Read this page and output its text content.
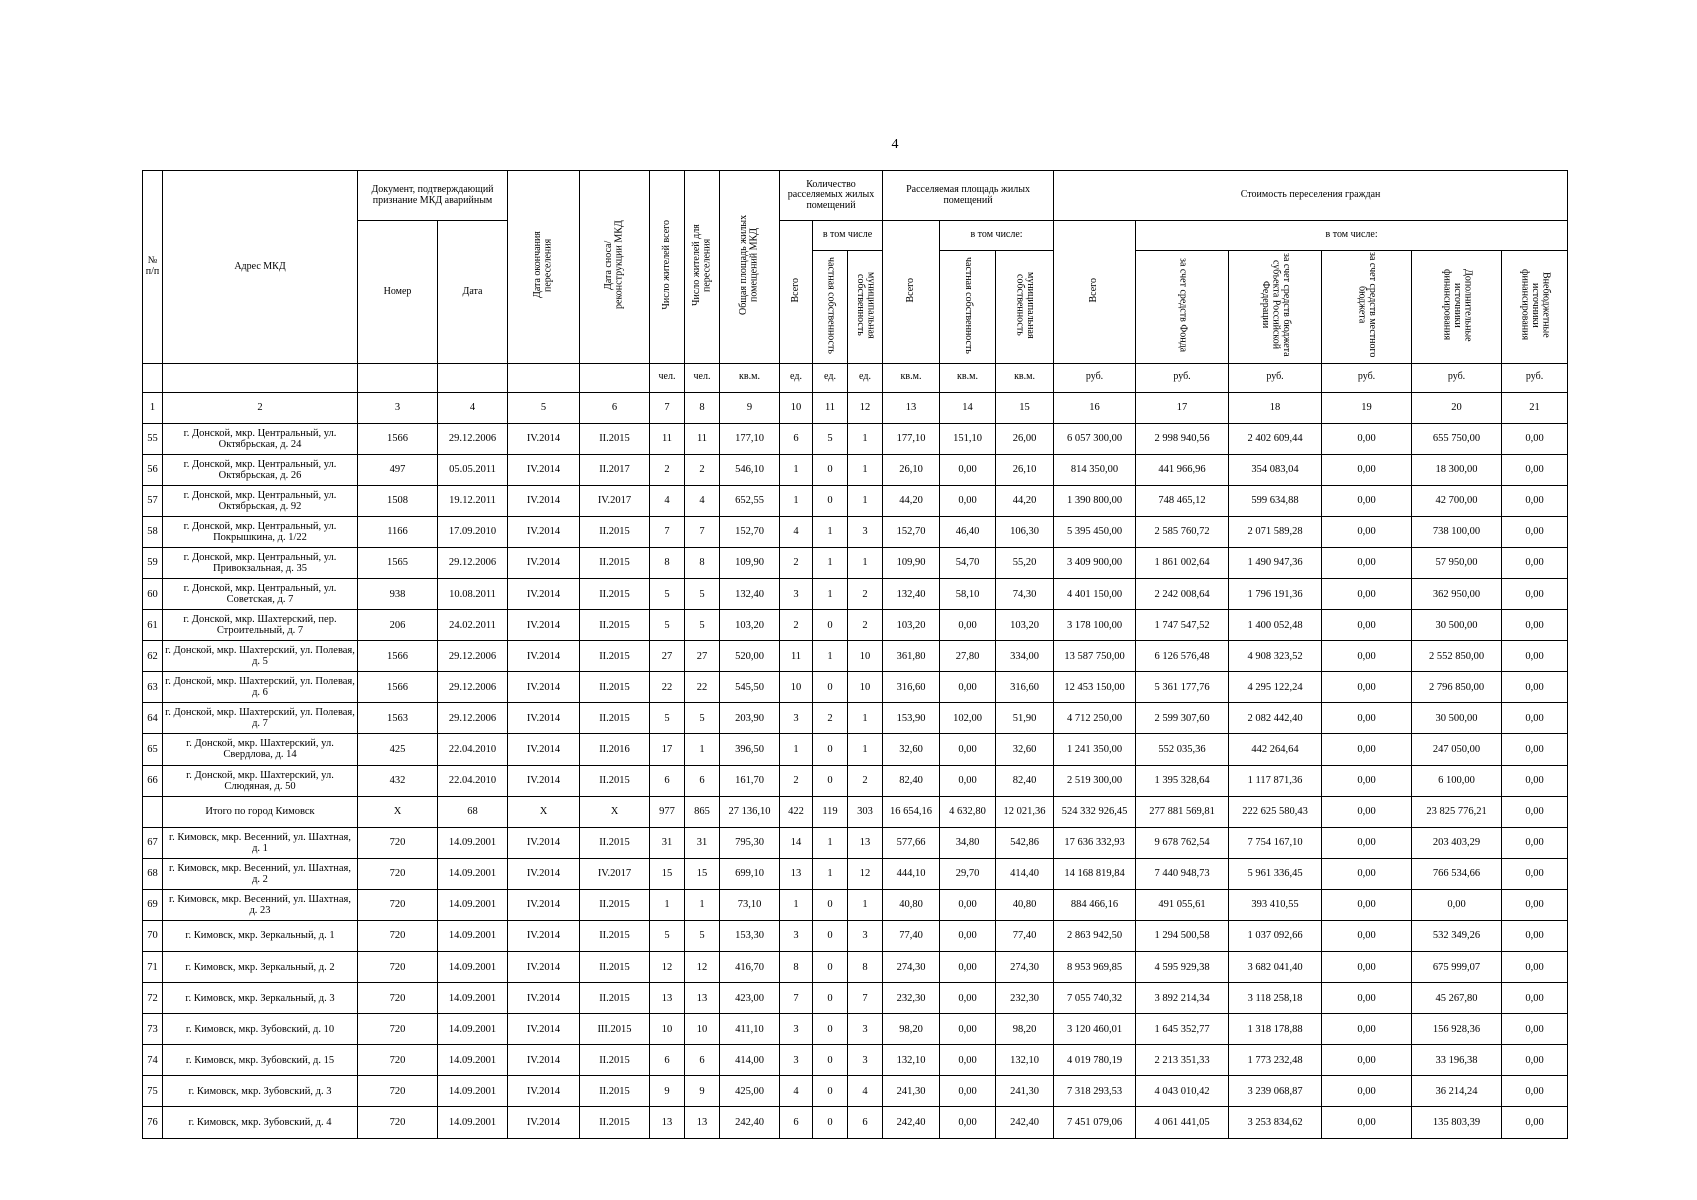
4
№ п/п	Адрес МКД	Документ, подтверждающий признание МКД аварийным		Дата окончания переселения	Дата сноса/реконструкции МКД	Число жителей всего	Число жителей для переселения	Общая площадь жилых помещений МКД	Количество расселяемых жилых помещений			Расселяемая площадь жилых помещений			Стоимость переселения граждан					
		Номер	Дата						Всего	в том числе		Всего	в том числе:		Всего	в том числе:				
										частная собственность	муниципальная собственность		частная собственность	муниципальная собственность		за счет средств Фонда	за счет средств бюджета субъекта Российской Федерации	за счет средств местного бюджета	Дополнительные источники финансирования	Внебюджетные источники финансирования
						чел.	чел.	кв.м.	ед.	ед.	ед.	кв.м.	кв.м.	кв.м.	руб.	руб.	руб.	руб.	руб.	руб.
1	2	3	4	5	6	7	8	9	10	11	12	13	14	15	16	17	18	19	20	21
55	г. Донской, мкр. Центральный, ул. Октябрьская, д. 24	1566	29.12.2006	IV.2014	II.2015	11	11	177,10	6	5	1	177,10	151,10	26,00	6 057 300,00	2 998 940,56	2 402 609,44	0,00	655 750,00	0,00
56	г. Донской, мкр. Центральный, ул. Октябрьская, д. 26	497	05.05.2011	IV.2014	II.2017	2	2	546,10	1	0	1	26,10	0,00	26,10	814 350,00	441 966,96	354 083,04	0,00	18 300,00	0,00
57	г. Донской, мкр. Центральный, ул. Октябрьская, д. 92	1508	19.12.2011	IV.2014	IV.2017	4	4	652,55	1	0	1	44,20	0,00	44,20	1 390 800,00	748 465,12	599 634,88	0,00	42 700,00	0,00
58	г. Донской, мкр. Центральный, ул. Покрышкина, д. 1/22	1166	17.09.2010	IV.2014	II.2015	7	7	152,70	4	1	3	152,70	46,40	106,30	5 395 450,00	2 585 760,72	2 071 589,28	0,00	738 100,00	0,00
59	г. Донской, мкр. Центральный, ул. Привокзальная, д. 35	1565	29.12.2006	IV.2014	II.2015	8	8	109,90	2	1	1	109,90	54,70	55,20	3 409 900,00	1 861 002,64	1 490 947,36	0,00	57 950,00	0,00
60	г. Донской, мкр. Центральный, ул. Советская, д. 7	938	10.08.2011	IV.2014	II.2015	5	5	132,40	3	1	2	132,40	58,10	74,30	4 401 150,00	2 242 008,64	1 796 191,36	0,00	362 950,00	0,00
61	г. Донской, мкр. Шахтерский, пер. Строительный, д. 7	206	24.02.2011	IV.2014	II.2015	5	5	103,20	2	0	2	103,20	0,00	103,20	3 178 100,00	1 747 547,52	1 400 052,48	0,00	30 500,00	0,00
62	г. Донской, мкр. Шахтерский, ул. Полевая, д. 5	1566	29.12.2006	IV.2014	II.2015	27	27	520,00	11	1	10	361,80	27,80	334,00	13 587 750,00	6 126 576,48	4 908 323,52	0,00	2 552 850,00	0,00
63	г. Донской, мкр. Шахтерский, ул. Полевая, д. 6	1566	29.12.2006	IV.2014	II.2015	22	22	545,50	10	0	10	316,60	0,00	316,60	12 453 150,00	5 361 177,76	4 295 122,24	0,00	2 796 850,00	0,00
64	г. Донской, мкр. Шахтерский, ул. Полевая, д. 7	1563	29.12.2006	IV.2014	II.2015	5	5	203,90	3	2	1	153,90	102,00	51,90	4 712 250,00	2 599 307,60	2 082 442,40	0,00	30 500,00	0,00
65	г. Донской, мкр. Шахтерский, ул. Свердлова, д. 14	425	22.04.2010	IV.2014	II.2016	17	1	396,50	1	0	1	32,60	0,00	32,60	1 241 350,00	552 035,36	442 264,64	0,00	247 050,00	0,00
66	г. Донской, мкр. Шахтерский, ул. Слюдяная, д. 50	432	22.04.2010	IV.2014	II.2015	6	6	161,70	2	0	2	82,40	0,00	82,40	2 519 300,00	1 395 328,64	1 117 871,36	0,00	6 100,00	0,00
	Итого по город Кимовск	X	68	X	X	977	865	27 136,10	422	119	303	16 654,16	4 632,80	12 021,36	524 332 926,45	277 881 569,81	222 625 580,43	0,00	23 825 776,21	0,00
67	г. Кимовск, мкр. Весенний, ул. Шахтная, д. 1	720	14.09.2001	IV.2014	II.2015	31	31	795,30	14	1	13	577,66	34,80	542,86	17 636 332,93	9 678 762,54	7 754 167,10	0,00	203 403,29	0,00
68	г. Кимовск, мкр. Весенний, ул. Шахтная, д. 2	720	14.09.2001	IV.2014	IV.2017	15	15	699,10	13	1	12	444,10	29,70	414,40	14 168 819,84	7 440 948,73	5 961 336,45	0,00	766 534,66	0,00
69	г. Кимовск, мкр. Весенний, ул. Шахтная, д. 23	720	14.09.2001	IV.2014	II.2015	1	1	73,10	1	0	1	40,80	0,00	40,80	884 466,16	491 055,61	393 410,55	0,00	0,00	0,00
70	г. Кимовск, мкр. Зеркальный, д. 1	720	14.09.2001	IV.2014	II.2015	5	5	153,30	3	0	3	77,40	0,00	77,40	2 863 942,50	1 294 500,58	1 037 092,66	0,00	532 349,26	0,00
71	г. Кимовск, мкр. Зеркальный, д. 2	720	14.09.2001	IV.2014	II.2015	12	12	416,70	8	0	8	274,30	0,00	274,30	8 953 969,85	4 595 929,38	3 682 041,40	0,00	675 999,07	0,00
72	г. Кимовск, мкр. Зеркальный, д. 3	720	14.09.2001	IV.2014	II.2015	13	13	423,00	7	0	7	232,30	0,00	232,30	7 055 740,32	3 892 214,34	3 118 258,18	0,00	45 267,80	0,00
73	г. Кимовск, мкр. Зубовский, д. 10	720	14.09.2001	IV.2014	III.2015	10	10	411,10	3	0	3	98,20	0,00	98,20	3 120 460,01	1 645 352,77	1 318 178,88	0,00	156 928,36	0,00
74	г. Кимовск, мкр. Зубовский, д. 15	720	14.09.2001	IV.2014	II.2015	6	6	414,00	3	0	3	132,10	0,00	132,10	4 019 780,19	2 213 351,33	1 773 232,48	0,00	33 196,38	0,00
75	г. Кимовск, мкр. Зубовский, д. 3	720	14.09.2001	IV.2014	II.2015	9	9	425,00	4	0	4	241,30	0,00	241,30	7 318 293,53	4 043 010,42	3 239 068,87	0,00	36 214,24	0,00
76	г. Кимовск, мкр. Зубовский, д. 4	720	14.09.2001	IV.2014	II.2015	13	13	242,40	6	0	6	242,40	0,00	242,40	7 451 079,06	4 061 441,05	3 253 834,62	0,00	135 803,39	0,00
